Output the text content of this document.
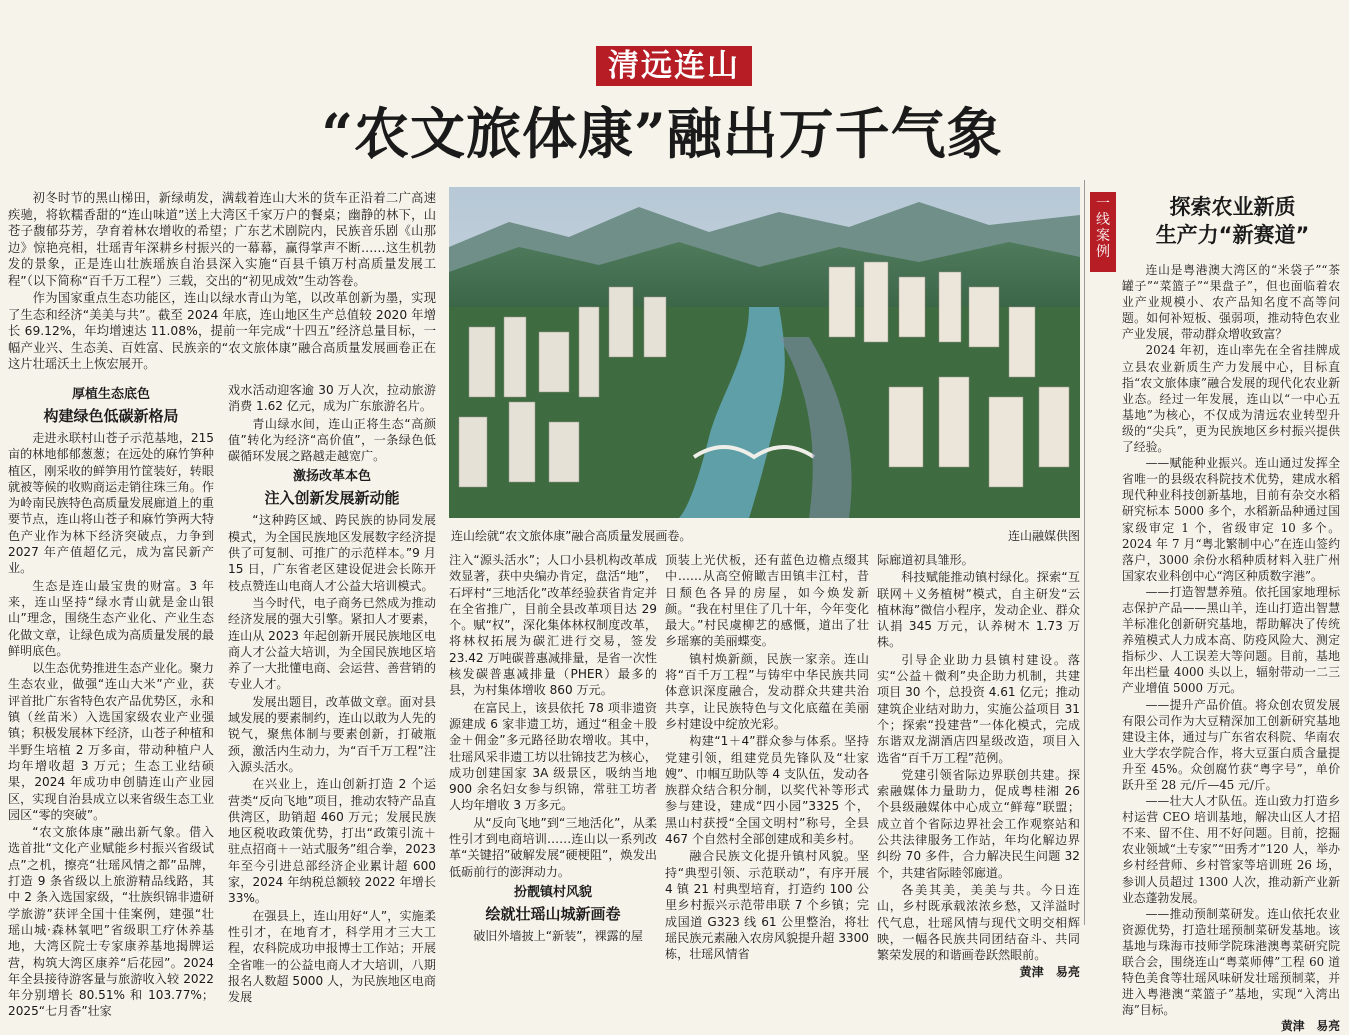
清远连山
“农文旅体康”融出万千气象

初冬时节的黑山梯田，新绿萌发，满载着连山大米的货车正沿着二广高速疾驰，将软糯香甜的“连山味道”送上大湾区千家万户的餐桌；幽静的林下，山苍子馥郁芬芳，孕育着林农增收的希望；广东艺术剧院内，民族音乐剧《山那边》惊艳亮相，壮瑶青年深耕乡村振兴的一幕幕，赢得掌声不断……这生机勃发的景象，正是连山壮族瑶族自治县深入实施“百县千镇万村高质量发展工程”（以下简称“百千万工程”）三载，交出的“初见成效”生动答卷。

作为国家重点生态功能区，连山以绿水青山为笔，以改革创新为墨，实现了生态和经济“美美与共”。截至 2024 年底，连山地区生产总值较 2020 年增长 69.12%，年均增速达 11.08%，提前一年完成“十四五”经济总量目标，一幅产业兴、生态美、百姓富、民族亲的“农文旅体康”融合高质量发展画卷正在这片壮瑶沃土上恢宏展开。

厚植生态底色
构建绿色低碳新格局

走进永联村山苍子示范基地，215亩的林地郁郁葱葱；在远处的麻竹笋种植区，刚采收的鲜笋用竹筐装好，转眼就被等候的收购商运走销往珠三角。作为岭南民族特色高质量发展廊道上的重要节点，连山将山苍子和麻竹笋两大特色产业作为林下经济突破点，力争到 2027 年产值超亿元，成为富民新产业。

生态是连山最宝贵的财富。3 年来，连山坚持“绿水青山就是金山银山”理念，围绕生态产业化、产业生态化做文章，让绿色成为高质量发展的最鲜明底色。

以生态优势推进生态产业化。聚力生态农业，做强“连山大米”产业，获评首批广东省特色农产品优势区，永和镇（丝苗米）入选国家级农业产业强镇；积极发展林下经济，山苍子种植和半野生培植 2 万多亩，带动种植户人均年增收超 3 万元；生态工业结硕果，2024 年成功申创腈连山产业园区，实现自治县成立以来省级生态工业园区“零的突破”。

“农文旅体康”融出新气象。借入选首批“文化产业赋能乡村振兴省级试点”之机，擦亮“壮瑶风情之都”品牌，打造 9 条省级以上旅游精品线路，其中 2 条入选国家级，“壮族织锦非遗研学旅游”获评全国十佳案例，建强“壮瑶山城·森林氧吧”省级职工疗休养基地，大湾区院士专家康养基地揭牌运营，构筑大湾区康养“后花园”。2024 年全县接待游客量与旅游收入较 2022 年分别增长 80.51% 和 103.77%；2025“七月香”壮家

戏水活动迎客逾 30 万人次，拉动旅游消费 1.62 亿元，成为广东旅游名片。

青山绿水间，连山正将生态“高颜值”转化为经济“高价值”，一条绿色低碳循环发展之路越走越宽广。

激扬改革本色
注入创新发展新动能

“这种跨区域、跨民族的协同发展模式，为全国民族地区发展数字经济提供了可复制、可推广的示范样本。”9 月 15 日，广东省老区建设促进会长陈开枝点赞连山电商人才公益大培训模式。

当今时代，电子商务已然成为推动经济发展的强大引擎。紧扣人才要素，连山从 2023 年起创新开展民族地区电商人才公益大培训，为全国民族地区培养了一大批懂电商、会运营、善营销的专业人才。

发展出题目，改革做文章。面对县域发展的要素制约，连山以敢为人先的锐气，聚焦体制与要素创新，打破瓶颈，激活内生动力，为“百千万工程”注入源头活水。

在兴业上，连山创新打造 2 个运营类“反向飞地”项目，推动农特产品直供湾区，助销超 460 万元；发展民族地区税收政策优势，打出“政策引流＋驻点招商＋一站式服务”组合拳，2023 年至今引进总部经济企业累计超 600 家，2024 年纳税总额较 2022 年增长 33%。

在强县上，连山用好“人”，实施柔性引才，在地育才，科学用才三大工程，农科院成功申报博士工作站；开展全省唯一的公益电商人才大培训，八期报名人数超 5000 人，为民族地区电商发展

连山绘就“农文旅体康”融合高质量发展画卷。	连山融媒供图

注入“源头活水”；人口小县机构改革成效显著，获中央编办肯定，盘活“地”，石坪村“三地活化”改革经验获省肯定并在全省推广，目前全县改革项目达 29 个。赋“权”，深化集体林权制度改革，将林权拓展为碳汇进行交易，签发 23.42 万吨碳普惠减排量，是省一次性核发碳普惠减排量（PHER）最多的县，为村集体增收 860 万元。

在富民上，该县依托 78 项非遗资源建成 6 家非遗工坊，通过“租金＋股金＋佣金”多元路径助农增收。其中，壮瑶风采非遗工坊以壮锦技艺为核心，成功创建国家 3A 级景区，吸纳当地 900 余名妇女参与织锦，常驻工坊者人均年增收 3 万多元。

从“反向飞地”到“三地活化”，从柔性引才到电商培训……连山以一系列改革“关键招”破解发展“硬梗阻”，焕发出低砺前行的澎湃动力。

扮靓镇村风貌
绘就壮瑶山城新画卷

破旧外墙披上“新装”，裸露的屋

顶装上光伏板，还有蓝色边檐点缀其中……从高空俯瞰吉田镇丰江村，昔日颓色各异的房屋，如今焕发新颜。“我在村里住了几十年，今年变化最大。”村民虞柳艺的感慨，道出了壮乡瑶寨的美丽蝶变。

镇村焕新颜，民族一家亲。连山将“百千万工程”与铸牢中华民族共同体意识深度融合，发动群众共建共治共享，让民族特色与文化底蕴在美丽乡村建设中绽放光彩。

构建“1＋4”群众参与体系。坚持党建引领，组建党员先锋队及“壮家嫂”、巾帼互助队等 4 支队伍，发动各族群众结合积分制，以奖代补等形式参与建设，建成“四小园”3325 个，黑山村获授“全国文明村”称号，全县 467 个自然村全部创建成和美乡村。

融合民族文化提升镇村风貌。坚持“典型引领、示范联动”，有序开展 4 镇 21 村典型培育，打造约 100 公里乡村振兴示范带串联 7 个乡镇；完成国道 G323 线 61 公里整治，将壮瑶民族元素融入农房风貌提升超 3300 栋，壮瑶风情省

际廊道初具雏形。

科技赋能推动镇村绿化。探索“互联网＋义务植树”模式，自主研发“云植林海”微信小程序，发动企业、群众认捐 345 万元，认养树木 1.73 万株。

引导企业助力县镇村建设。落实“公益＋微利”央企助力机制，共建项目 30 个，总投资 4.61 亿元；推动建筑企业结对助力，实施公益项目 31 个；探索“投建营”一体化模式，完成东谐双龙湖酒店四星级改造，项目入选省“百千万工程”范例。

党建引领省际边界联创共建。探索融媒体力量助力，促成粤桂湘 26 个县级融媒体中心成立“鲜莓”联盟；成立首个省际边界社会工作观察站和公共法律服务工作站，年均化解边界纠纷 70 多件，合力解决民生问题 32 个，共建省际睦邻廊道。

各美其美，美美与共。今日连山，乡村既承载浓浓乡愁，又洋溢时代气息，壮瑶风情与现代文明交相辉映，一幅各民族共同团结奋斗、共同繁荣发展的和谐画卷跃然眼前。

黄津　易亮
一线案例
探索农业新质
生产力“新赛道”

连山是粤港澳大湾区的“米袋子”“茶罐子”“菜篮子”“果盘子”，但也面临着农业产业规模小、农产品知名度不高等问题。如何补短板、强弱项，推动特色农业产业发展，带动群众增收致富？

2024 年初，连山率先在全省挂牌成立县农业新质生产力发展中心，目标直指“农文旅体康”融合发展的现代化农业新业态。经过一年发展，连山以“一中心五基地”为核心，不仅成为清远农业转型升级的“尖兵”，更为民族地区乡村振兴提供了经验。

——赋能种业振兴。连山通过发挥全省唯一的县级农科院技术优势，建成水稻现代种业科技创新基地，目前有杂交水稻研究标本 5000 多个，水稻新品种通过国家级审定 1 个，省级审定 10 多个。2024 年 7 月“粤北繁制中心”在连山签约落户，3000 余份水稻种质材料入驻广州国家农业科创中心“湾区种质数字港”。

——打造智慧养殖。依托国家地理标志保护产品——黑山羊，连山打造出智慧羊标准化创新研究基地，帮助解决了传统养殖模式人力成本高、防疫风险大、测定指标少、人工误差大等问题。目前，基地年出栏量 4000 头以上，辐射带动一二三产业增值 5000 万元。

——提升产品价值。将众创农贸发展有限公司作为大豆精深加工创新研究基地建设主体，通过与广东省农科院、华南农业大学农学院合作，将大豆蛋白质含量提升至 45%。众创腐竹获“粤字号”，单价跃升至 28 元/斤—45 元/斤。

——壮大人才队伍。连山致力打造乡村运营 CEO 培训基地，解决山区人才招不来、留不住、用不好问题。目前，挖掘农业领域“土专家”“田秀才”120 人，举办乡村经营师、乡村管家等培训班 26 场，参训人员超过 1300 人次，推动新产业新业态蓬勃发展。

——推动预制菜研发。连山依托农业资源优势，打造壮瑶预制菜研发基地。该基地与珠海市技师学院珠港澳粤菜研究院联合会，围绕连山“粤菜师傅”工程 60 道特色美食等壮瑶风味研发壮瑶预制菜，并进入粤港澳“菜篮子”基地，实现“入湾出海”目标。

黄津　易亮
